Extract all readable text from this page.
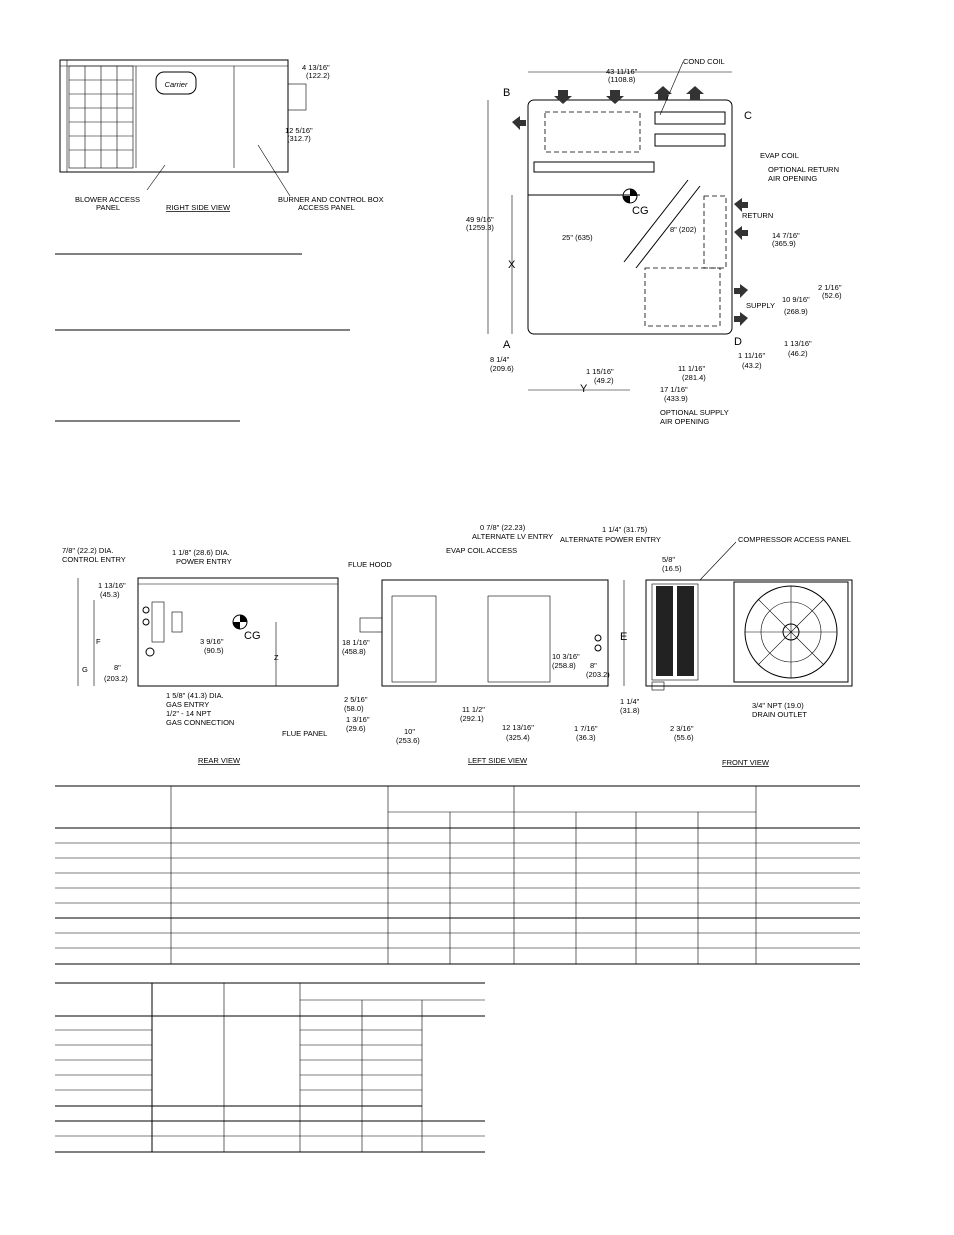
Carrier
4 13/16"
(122.2)
12 5/16"
(312.7)
BLOWER ACCESS
PANEL	RIGHT SIDE VIEW
BURNER AND CONTROL BOX
ACCESS PANEL	CG
43 11/16"
(1108.8)
B
C
A	D
49 9/16"
(1259.3)
X
Y
COND COIL
EVAP COIL
OPTIONAL RETURN
AIR OPENING
RETURN
14 7/16"
(365.9)
2 1/16"
(52.6)
SUPPLY
10 9/16"
(268.9)
1 13/16"
(46.2)
1 11/16"
(43.2)
25" (635)
8" (202)
8 1/4"
(209.6)	1 15/16"
(49.2)
11 1/16"
(281.4)
17 1/16"
(433.9)
OPTIONAL SUPPLY
AIR OPENING
CG
Z
G
F
7/8" (22.2) DIA.
CONTROL ENTRY
1 1/8" (28.6) DIA.
POWER ENTRY
1 13/16"
(45.3)
8"
(203.2)
3 9/16"
(90.5)
1 5/8" (41.3) DIA.
GAS ENTRY
1/2" - 14 NPT
GAS CONNECTION
FLUE PANEL
REAR VIEW
E
FLUE HOOD
EVAP COIL ACCESS
0 7/8" (22.23)
ALTERNATE LV ENTRY
1 1/4" (31.75)
ALTERNATE POWER ENTRY
18 1/16"
(458.8)
2 5/16"
(58.0)
1 3/16"
(29.6)	10"
(253.6)
11 1/2"
(292.1)
12 13/16"
(325.4)
10 3/16"
(258.8) 8"
(203.2)
1 7/16"
(36.3)
LEFT SIDE VIEW
5/8"
(16.5)
COMPRESSOR ACCESS PANEL
3/4" NPT (19.0)
DRAIN OUTLET
1 1/4"
(31.8)
2 3/16"
(55.6)
FRONT VIEW
